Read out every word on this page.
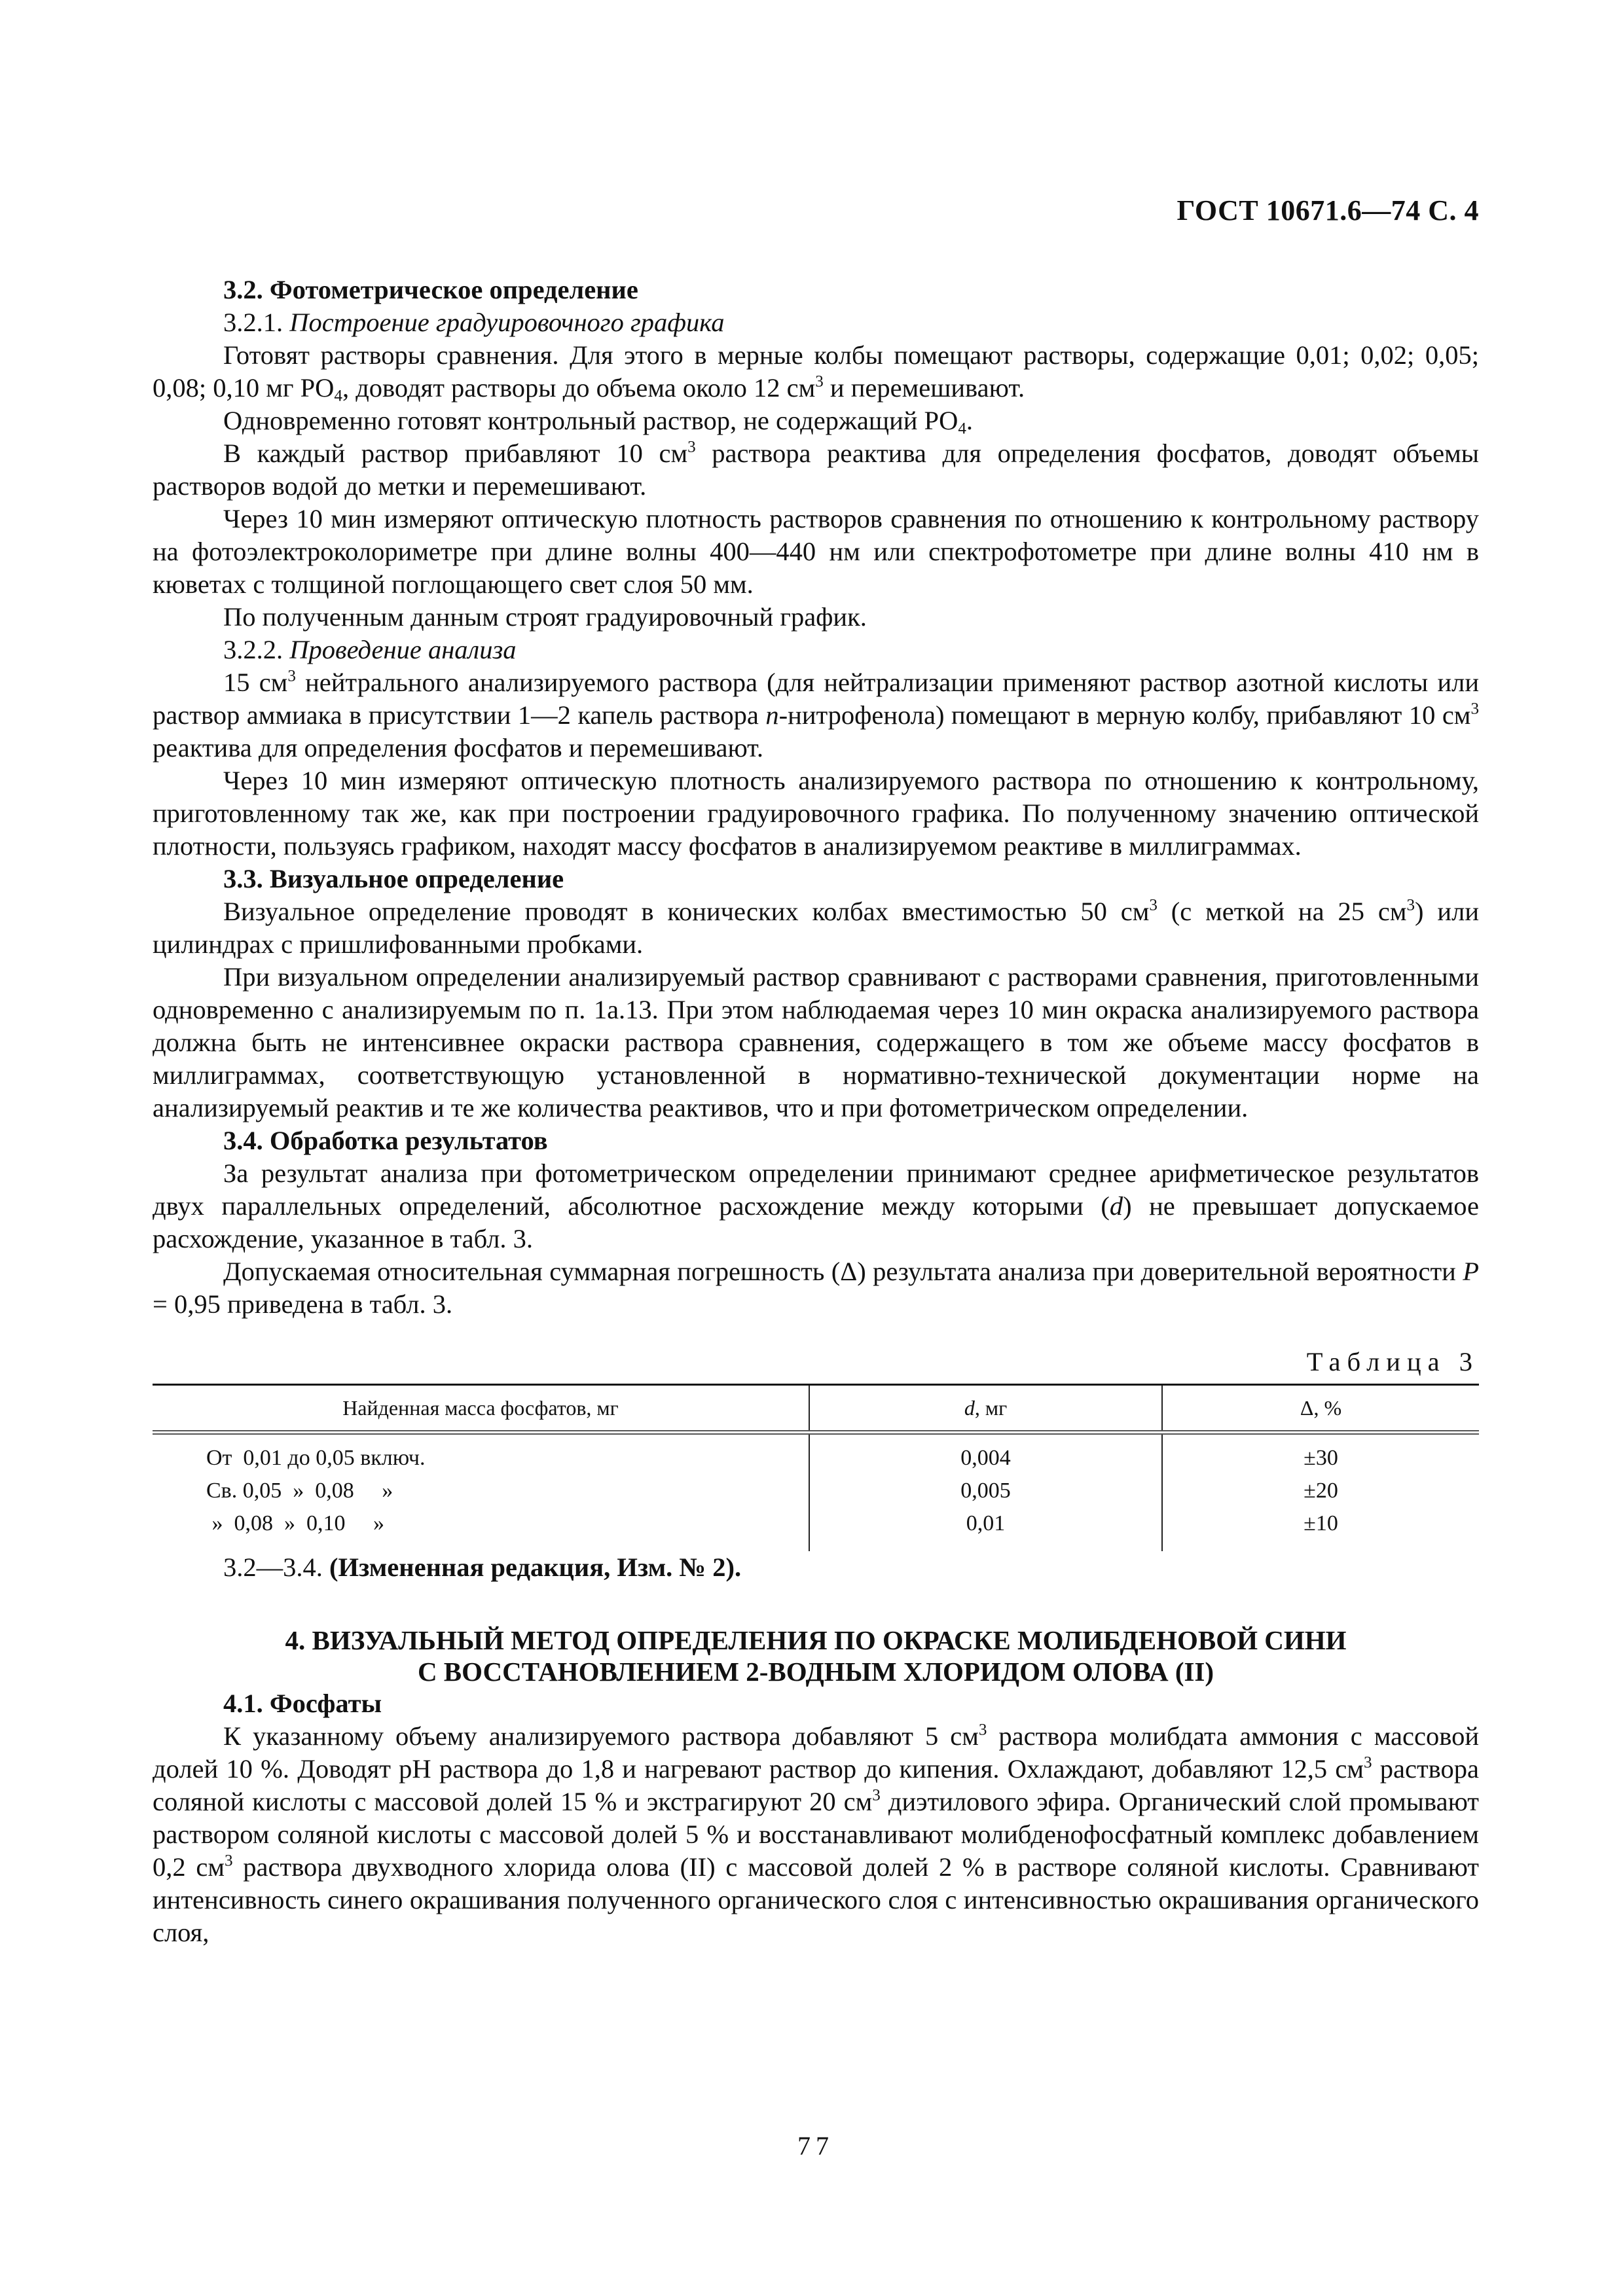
ГОСТ 10671.6—74 С. 4

3.2. Фотометрическое определение

3.2.1. Построение градуировочного графика

Готовят растворы сравнения. Для этого в мерные колбы помещают растворы, содержащие 0,01; 0,02; 0,05; 0,08; 0,10 мг $PO_4$, доводят растворы до объема около 12 $см^3$ и перемешивают.

Одновременно готовят контрольный раствор, не содержащий $PO_4$.

В каждый раствор прибавляют 10 $см^3$ раствора реактива для определения фосфатов, доводят объемы растворов водой до метки и перемешивают.

Через 10 мин измеряют оптическую плотность растворов сравнения по отношению к контрольному раствору на фотоэлектроколориметре при длине волны 400—440 нм или спектрофотометре при длине волны 410 нм в кюветах с толщиной поглощающего свет слоя 50 мм.

По полученным данным строят градуировочный график.

3.2.2. Проведение анализа

15 $см^3$ нейтрального анализируемого раствора (для нейтрализации применяют раствор азотной кислоты или раствор аммиака в присутствии 1—2 капель раствора n-нитрофенола) помещают в мерную колбу, прибавляют 10 $см^3$ реактива для определения фосфатов и перемешивают.

Через 10 мин измеряют оптическую плотность анализируемого раствора по отношению к контрольному, приготовленному так же, как при построении градуировочного графика. По полученному значению оптической плотности, пользуясь графиком, находят массу фосфатов в анализируемом реактиве в миллиграммах.

3.3. Визуальное определение

Визуальное определение проводят в конических колбах вместимостью 50 $см^3$ (с меткой на 25 $см^3$) или цилиндрах с пришлифованными пробками.

При визуальном определении анализируемый раствор сравнивают с растворами сравнения, приготовленными одновременно с анализируемым по п. 1а.13. При этом наблюдаемая через 10 мин окраска анализируемого раствора должна быть не интенсивнее окраски раствора сравнения, содержащего в том же объеме массу фосфатов в миллиграммах, соответствующую установленной в нормативно-технической документации норме на анализируемый реактив и те же количества реактивов, что и при фотометрическом определении.

3.4. Обработка результатов

За результат анализа при фотометрическом определении принимают среднее арифметическое результатов двух параллельных определений, абсолютное расхождение между которыми (d) не превышает допускаемое расхождение, указанное в табл. 3.

Допускаемая относительная суммарная погрешность (Δ) результата анализа при доверительной вероятности P = 0,95 приведена в табл. 3.

Таблица 3
Найденная масса фосфатов, мг	d, мг	Δ, %
От  0,01 до 0,05 включ.	0,004	±30
Св. 0,05  »  0,08     »	0,005	±20
»  0,08  »  0,10     »	0,01	±10

3.2—3.4. (Измененная редакция, Изм. № 2).

4. ВИЗУАЛЬНЫЙ МЕТОД ОПРЕДЕЛЕНИЯ ПО ОКРАСКЕ МОЛИБДЕНОВОЙ СИНИ
С ВОССТАНОВЛЕНИЕМ 2-ВОДНЫМ ХЛОРИДОМ ОЛОВА (II)

4.1. Фосфаты

К указанному объему анализируемого раствора добавляют 5 $см^3$ раствора молибдата аммония с массовой долей 10 %. Доводят pH раствора до 1,8 и нагревают раствор до кипения. Охлаждают, добавляют 12,5 $см^3$ раствора соляной кислоты с массовой долей 15 % и экстрагируют 20 $см^3$ диэтилового эфира. Органический слой промывают раствором соляной кислоты с массовой долей 5 % и восстанавливают молибденофосфатный комплекс добавлением 0,2 $см^3$ раствора двухводного хлорида олова (II) с массовой долей 2 % в растворе соляной кислоты. Сравнивают интенсивность синего окрашивания полученного органического слоя с интенсивностью окрашивания органического слоя,

77
